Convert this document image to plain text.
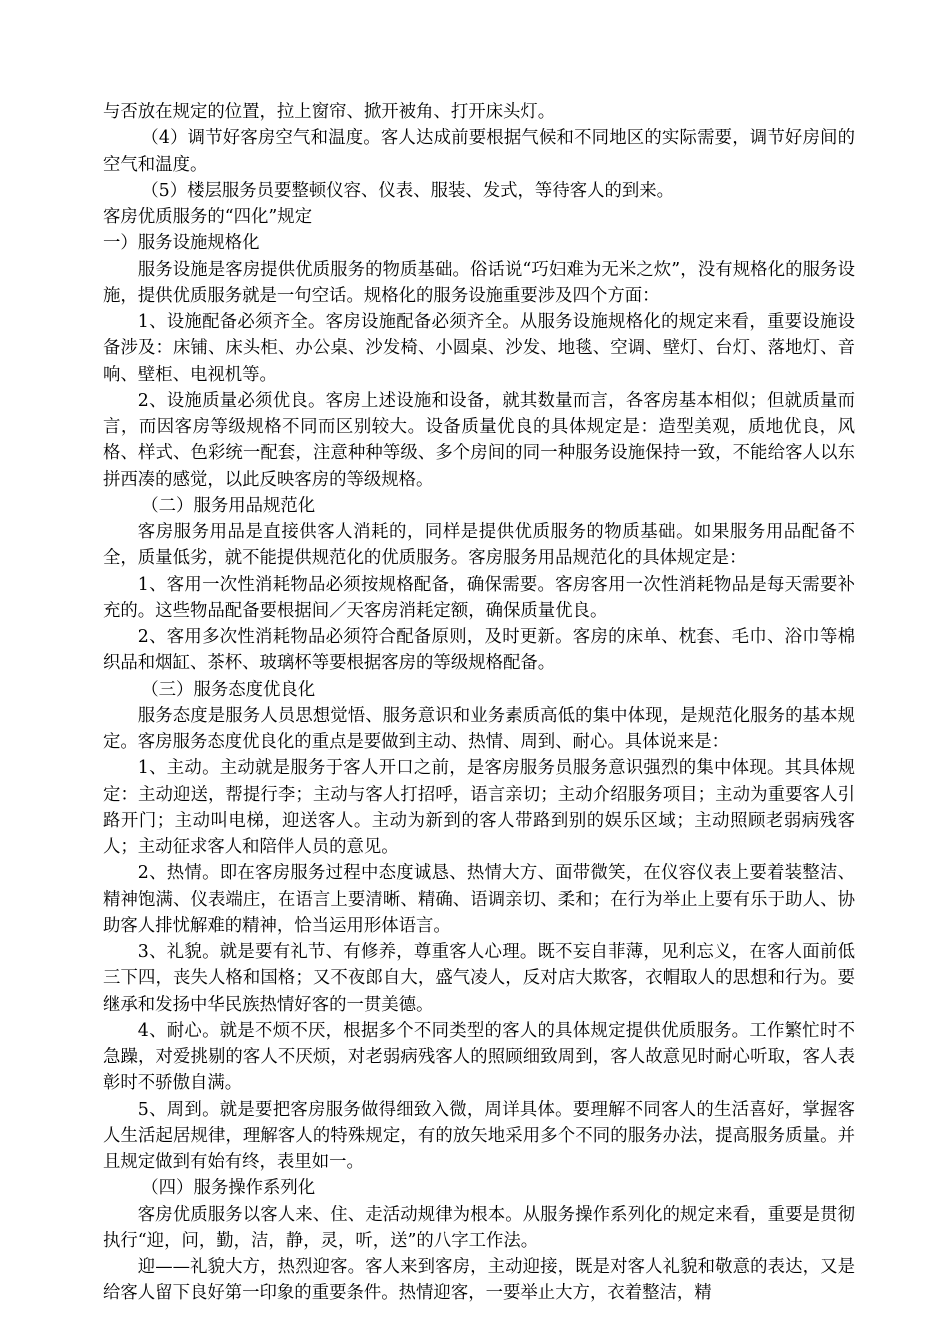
与否放在规定的位置，拉上窗帘、掀开被角、打开床头灯。

（4）调节好客房空气和温度。客人达成前要根据气候和不同地区的实际需要，调节好房间的空气和温度。

（5）楼层服务员要整顿仪容、仪表、服装、发式，等待客人的到来。

客房优质服务的“四化”规定

一）服务设施规格化

服务设施是客房提供优质服务的物质基础。俗话说“巧妇难为无米之炊”，没有规格化的服务设施，提供优质服务就是一句空话。规格化的服务设施重要涉及四个方面：

1、设施配备必须齐全。客房设施配备必须齐全。从服务设施规格化的规定来看，重要设施设备涉及：床铺、床头柜、办公桌、沙发椅、小圆桌、沙发、地毯、空调、壁灯、台灯、落地灯、音响、壁柜、电视机等。

2、设施质量必须优良。客房上述设施和设备，就其数量而言，各客房基本相似；但就质量而言，而因客房等级规格不同而区别较大。设备质量优良的具体规定是：造型美观，质地优良，风格、样式、色彩统一配套，注意种种等级、多个房间的同一种服务设施保持一致，不能给客人以东拼西凑的感觉，以此反映客房的等级规格。

（二）服务用品规范化

客房服务用品是直接供客人消耗的，同样是提供优质服务的物质基础。如果服务用品配备不全，质量低劣，就不能提供规范化的优质服务。客房服务用品规范化的具体规定是：

1、客用一次性消耗物品必须按规格配备，确保需要。客房客用一次性消耗物品是每天需要补充的。这些物品配备要根据间／天客房消耗定额，确保质量优良。

2、客用多次性消耗物品必须符合配备原则，及时更新。客房的床单、枕套、毛巾、浴巾等棉织品和烟缸、茶杯、玻璃杯等要根据客房的等级规格配备。

（三）服务态度优良化

服务态度是服务人员思想觉悟、服务意识和业务素质高低的集中体现，是规范化服务的基本规定。客房服务态度优良化的重点是要做到主动、热情、周到、耐心。具体说来是：

1、主动。主动就是服务于客人开口之前，是客房服务员服务意识强烈的集中体现。其具体规定：主动迎送，帮提行李；主动与客人打招呼，语言亲切；主动介绍服务项目；主动为重要客人引路开门；主动叫电梯，迎送客人。主动为新到的客人带路到别的娱乐区域；主动照顾老弱病残客人；主动征求客人和陪伴人员的意见。

2、热情。即在客房服务过程中态度诚恳、热情大方、面带微笑，在仪容仪表上要着装整洁、精神饱满、仪表端庄，在语言上要清晰、精确、语调亲切、柔和；在行为举止上要有乐于助人、协助客人排忧解难的精神，恰当运用形体语言。

3、礼貌。就是要有礼节、有修养，尊重客人心理。既不妄自菲薄，见利忘义，在客人面前低三下四，丧失人格和国格；又不夜郎自大，盛气凌人，反对店大欺客，衣帽取人的思想和行为。要继承和发扬中华民族热情好客的一贯美德。

4、耐心。就是不烦不厌，根据多个不同类型的客人的具体规定提供优质服务。工作繁忙时不急躁，对爱挑剔的客人不厌烦，对老弱病残客人的照顾细致周到，客人故意见时耐心听取，客人表彰时不骄傲自满。

5、周到。就是要把客房服务做得细致入微，周详具体。要理解不同客人的生活喜好，掌握客人生活起居规律，理解客人的特殊规定，有的放矢地采用多个不同的服务办法，提高服务质量。并且规定做到有始有终，表里如一。

（四）服务操作系列化

客房优质服务以客人来、住、走活动规律为根本。从服务操作系列化的规定来看，重要是贯彻执行“迎，问，勤，洁，静，灵，听，送”的八字工作法。

迎——礼貌大方，热烈迎客。客人来到客房，主动迎接，既是对客人礼貌和敬意的表达，又是给客人留下良好第一印象的重要条件。热情迎客，一要举止大方，衣着整洁，精
